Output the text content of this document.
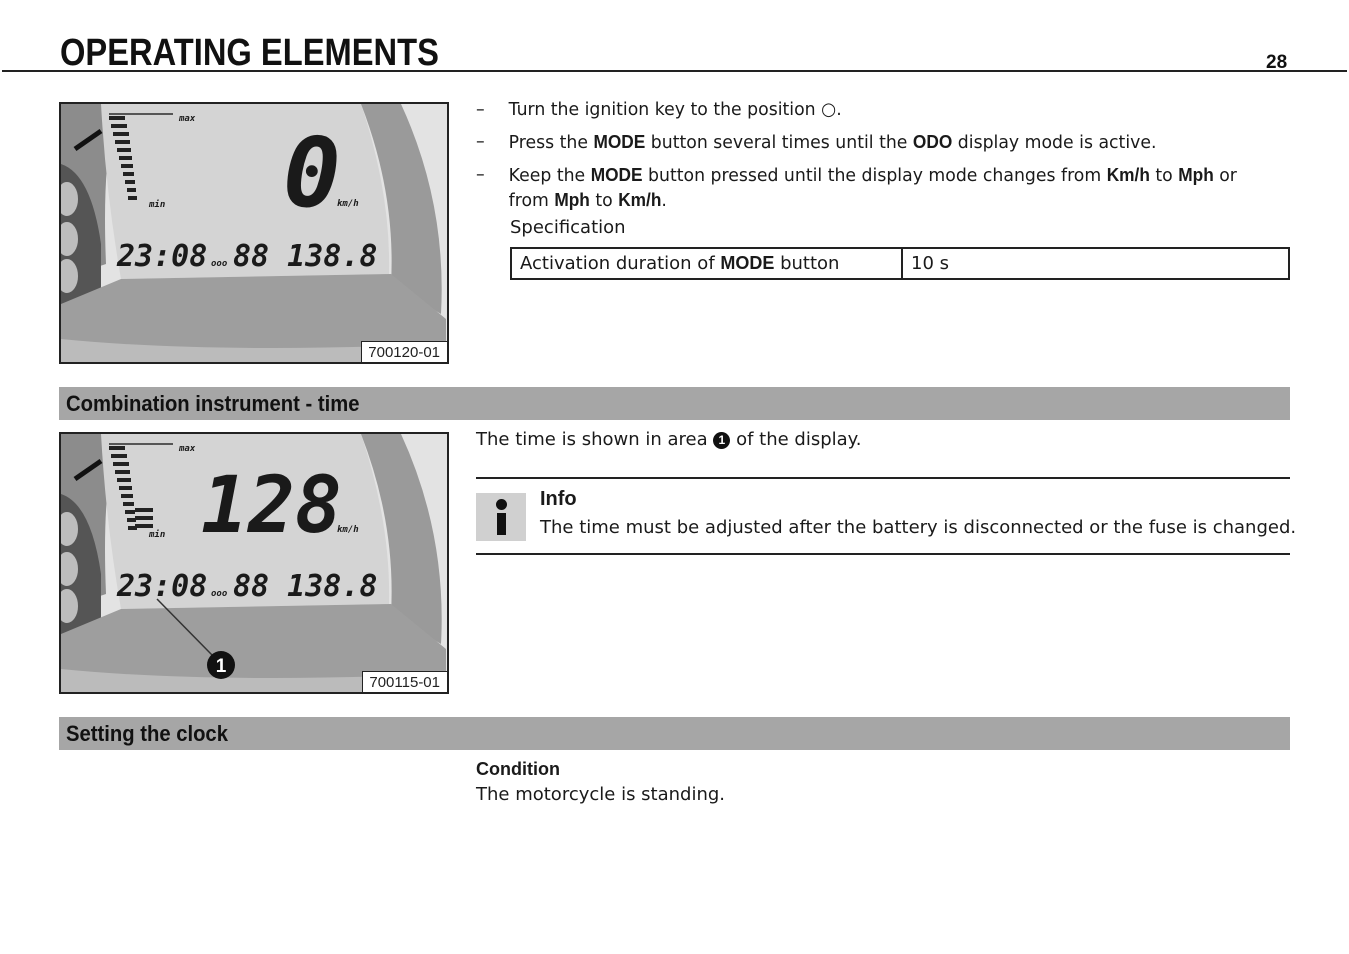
OPERATING ELEMENTS	28
max
min 0
km/h
23:08 ooo 88 138.8
700120-01
– Turn the ignition key to the position ○.
– Press the MODE button several times until the ODO display mode is active.
– Keep the MODE button pressed until the display mode changes from Km/h to Mph or from Mph to Km/h.
Specification
Activation duration of MODE button	10 s
Combination instrument - time
max
min 128
km/h
23:08 ooo 88 138.8
1
700115-01
The time is shown in area 1 of the display.
Info
The time must be adjusted after the battery is disconnected or the fuse is changed.
Setting the clock
Condition
The motorcycle is standing.
